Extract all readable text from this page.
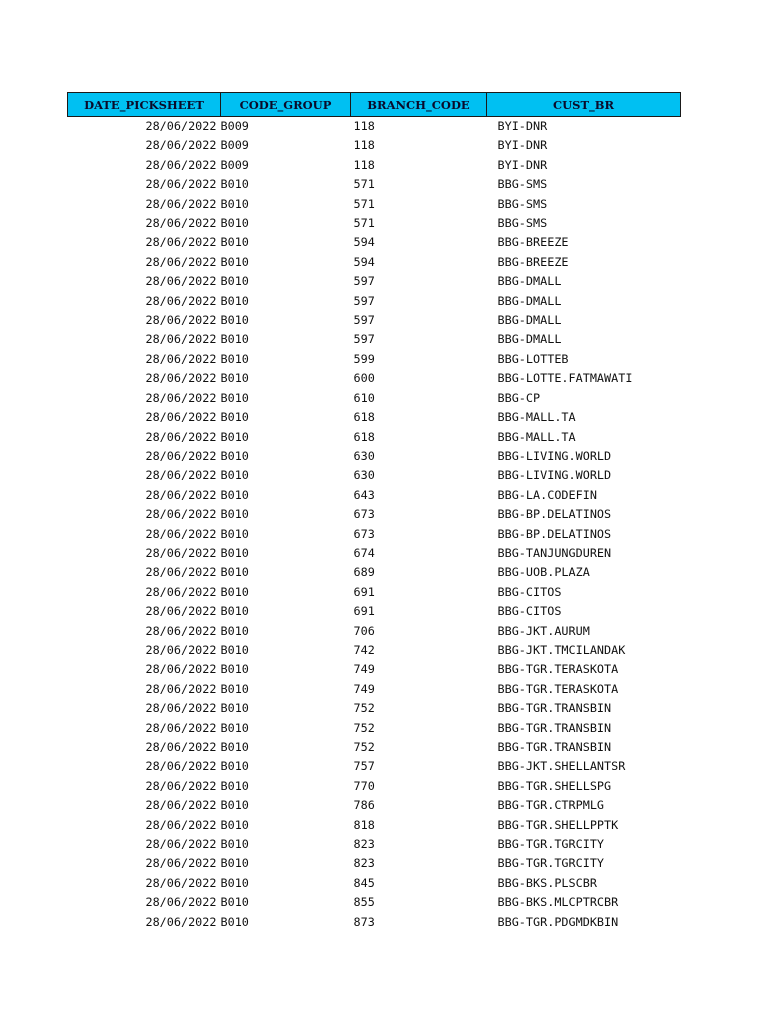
DATE_PICKSHEET	CODE_GROUP	BRANCH_CODE	CUST_BR
28/06/2022	B009	118	BYI-DNR
28/06/2022	B009	118	BYI-DNR
28/06/2022	B009	118	BYI-DNR
28/06/2022	B010	571	BBG-SMS
28/06/2022	B010	571	BBG-SMS
28/06/2022	B010	571	BBG-SMS
28/06/2022	B010	594	BBG-BREEZE
28/06/2022	B010	594	BBG-BREEZE
28/06/2022	B010	597	BBG-DMALL
28/06/2022	B010	597	BBG-DMALL
28/06/2022	B010	597	BBG-DMALL
28/06/2022	B010	597	BBG-DMALL
28/06/2022	B010	599	BBG-LOTTEB
28/06/2022	B010	600	BBG-LOTTE.FATMAWATI
28/06/2022	B010	610	BBG-CP
28/06/2022	B010	618	BBG-MALL.TA
28/06/2022	B010	618	BBG-MALL.TA
28/06/2022	B010	630	BBG-LIVING.WORLD
28/06/2022	B010	630	BBG-LIVING.WORLD
28/06/2022	B010	643	BBG-LA.CODEFIN
28/06/2022	B010	673	BBG-BP.DELATINOS
28/06/2022	B010	673	BBG-BP.DELATINOS
28/06/2022	B010	674	BBG-TANJUNGDUREN
28/06/2022	B010	689	BBG-UOB.PLAZA
28/06/2022	B010	691	BBG-CITOS
28/06/2022	B010	691	BBG-CITOS
28/06/2022	B010	706	BBG-JKT.AURUM
28/06/2022	B010	742	BBG-JKT.TMCILANDAK
28/06/2022	B010	749	BBG-TGR.TERASKOTA
28/06/2022	B010	749	BBG-TGR.TERASKOTA
28/06/2022	B010	752	BBG-TGR.TRANSBIN
28/06/2022	B010	752	BBG-TGR.TRANSBIN
28/06/2022	B010	752	BBG-TGR.TRANSBIN
28/06/2022	B010	757	BBG-JKT.SHELLANTSR
28/06/2022	B010	770	BBG-TGR.SHELLSPG
28/06/2022	B010	786	BBG-TGR.CTRPMLG
28/06/2022	B010	818	BBG-TGR.SHELLPPTK
28/06/2022	B010	823	BBG-TGR.TGRCITY
28/06/2022	B010	823	BBG-TGR.TGRCITY
28/06/2022	B010	845	BBG-BKS.PLSCBR
28/06/2022	B010	855	BBG-BKS.MLCPTRCBR
28/06/2022	B010	873	BBG-TGR.PDGMDKBIN
